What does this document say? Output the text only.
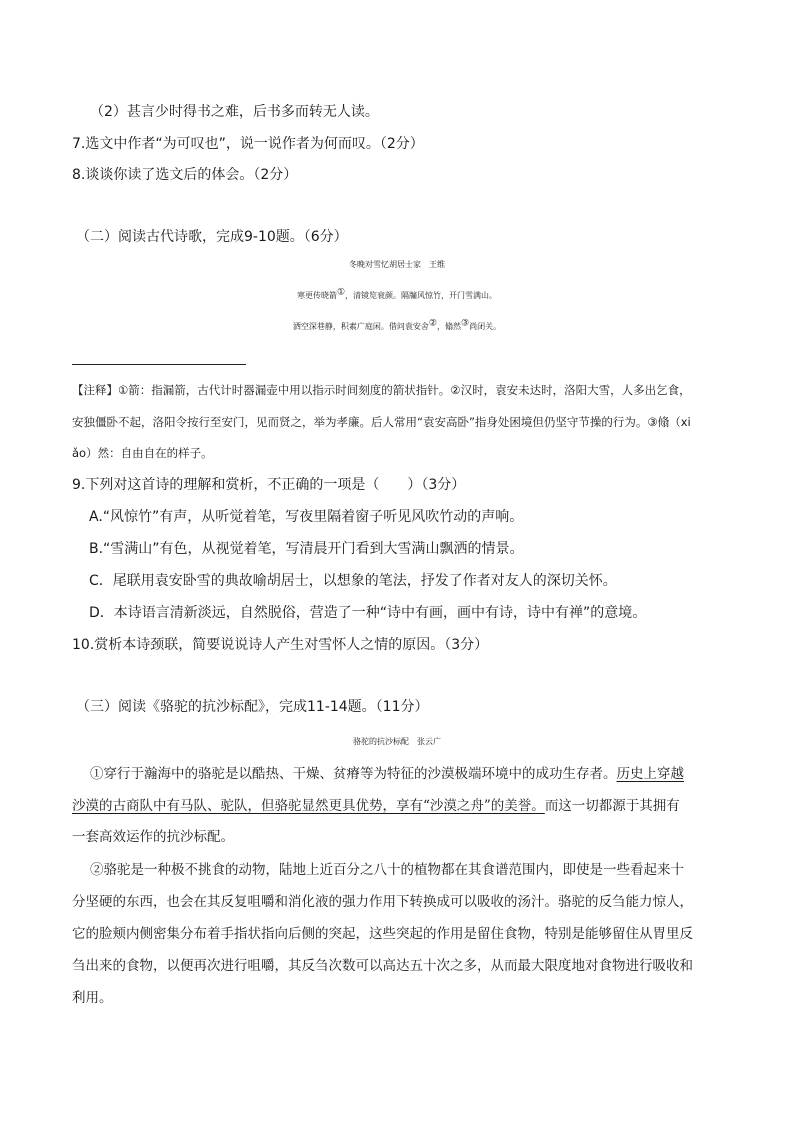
（2）甚言少时得书之难，后书多而转无人读。
7.选文中作者“为可叹也”，说一说作者为何而叹。（2分）
8.谈谈你读了选文后的体会。（2分）
（二）阅读古代诗歌，完成9-10题。（6分）
冬晚对雪忆胡居士家　王维
寒更传晓箭①，清镜览衰颜。隔牖风惊竹，开门雪满山。
洒空深巷静，积素广庭闲。借问袁安舍②，翛然③尚闭关。
【注释】①箭：指漏箭，古代计时器漏壶中用以指示时间刻度的箭状指针。②汉时，袁安未达时，洛阳大雪，人多出乞食，
安独僵卧不起，洛阳令按行至安门，见而贤之，举为孝廉。后人常用“袁安高卧”指身处困境但仍坚守节操的行为。③翛（xi
ǎo）然：自由自在的样子。
9.下列对这首诗的理解和赏析，不正确的一项是（　　）（3分）
A.“风惊竹”有声，从听觉着笔，写夜里隔着窗子听见风吹竹动的声响。
B.“雪满山”有色，从视觉着笔，写清晨开门看到大雪满山飘洒的情景。
C．尾联用袁安卧雪的典故喻胡居士，以想象的笔法，抒发了作者对友人的深切关怀。
D．本诗语言清新淡远，自然脱俗，营造了一种“诗中有画，画中有诗，诗中有禅”的意境。
10.赏析本诗颈联，简要说说诗人产生对雪怀人之情的原因。（3分）
（三）阅读《骆驼的抗沙标配》，完成11-14题。（11分）
骆驼的抗沙标配　张云广
①穿行于瀚海中的骆驼是以酷热、干燥、贫瘠等为特征的沙漠极端环境中的成功生存者。历史上穿越
沙漠的古商队中有马队、驼队，但骆驼显然更具优势，享有“沙漠之舟”的美誉。而这一切都源于其拥有
一套高效运作的抗沙标配。
②骆驼是一种极不挑食的动物，陆地上近百分之八十的植物都在其食谱范围内，即使是一些看起来十
分坚硬的东西，也会在其反复咀嚼和消化液的强力作用下转换成可以吸收的汤汁。骆驼的反刍能力惊人，
它的脸颊内侧密集分布着手指状指向后侧的突起，这些突起的作用是留住食物，特别是能够留住从胃里反
刍出来的食物，以便再次进行咀嚼，其反刍次数可以高达五十次之多，从而最大限度地对食物进行吸收和
利用。
